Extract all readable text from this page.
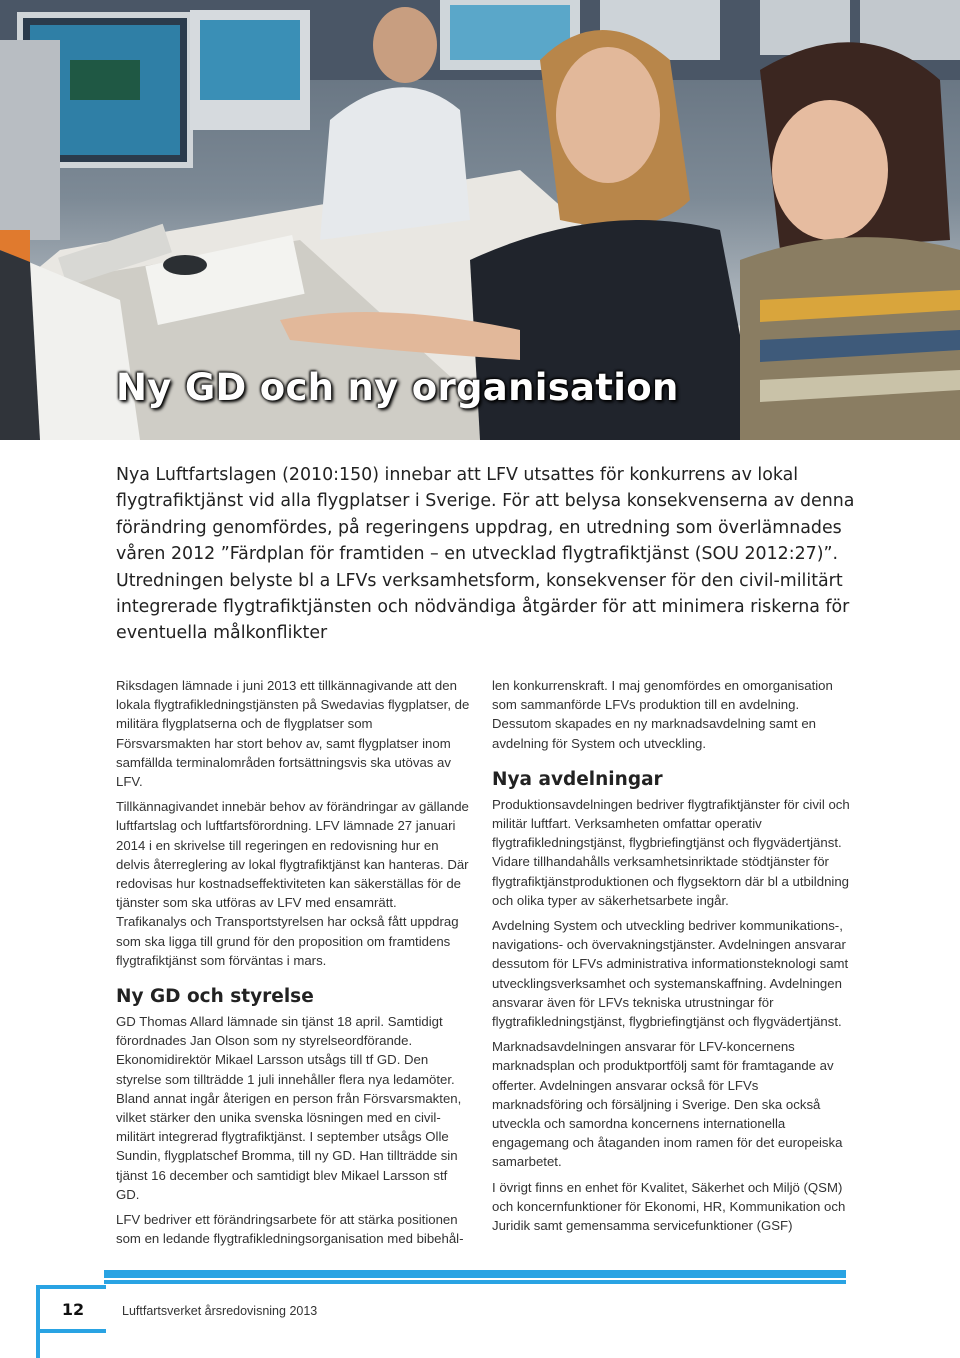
Ny GD och ny organisation

Nya Luftfartslagen (2010:150) innebar att LFV utsattes för konkurrens av lokal flygtrafiktjänst vid alla flygplatser i Sverige. För att belysa konsekvenserna av denna förändring genomfördes, på regeringens uppdrag, en utredning som överlämnades våren 2012 ”Färdplan för framtiden – en utvecklad flygtrafiktjänst (SOU 2012:27)”. Utredningen belyste bl a LFVs verksamhetsform, konsekvenser för den civil-militärt integrerade flygtrafiktjänsten och nödvändiga åtgärder för att minimera riskerna för eventuella målkonflikter

Riksdagen lämnade i juni 2013 ett tillkännagivande att den lokala flygtrafikledningstjänsten på Swedavias flygplatser, de militära flygplatserna och de flygplatser som Försvarsmakten har stort behov av, samt flygplatser inom samfällda terminalområden fortsättningsvis ska utövas av LFV.

Tillkännagivandet innebär behov av förändringar av gällande luftfartslag och luftfartsförordning. LFV lämnade 27 januari 2014 i en skrivelse till regeringen en redovisning hur en delvis återreglering av lokal flygtrafiktjänst kan hanteras. Där redovisas hur kostnadseffektiviteten kan säkerställas för de tjänster som ska utföras av LFV med ensamrätt. Trafikanalys och Transportstyrelsen har också fått uppdrag som ska ligga till grund för den proposition om framtidens flygtrafiktjänst som förväntas i mars.

Ny GD och styrelse

GD Thomas Allard lämnade sin tjänst 18 april. Samtidigt förordnades Jan Olson som ny styrelseordförande. Ekonomidirektör Mikael Larsson utsågs till tf GD. Den styrelse som tillträdde 1 juli innehåller flera nya ledamöter. Bland annat ingår återigen en person från Försvarsmakten, vilket stärker den unika svenska lösningen med en civil-militärt integrerad flygtrafiktjänst. I september utsågs Olle Sundin, flygplatschef Bromma, till ny GD. Han tillträdde sin tjänst 16 december och samtidigt blev Mikael Larsson stf GD.

LFV bedriver ett förändringsarbete för att stärka positionen som en ledande flygtrafikledningsorganisation med bibehål-

len konkurrenskraft. I maj genomfördes en omorganisation som sammanförde LFVs produktion till en avdelning. Dessutom skapades en ny marknadsavdelning samt en avdelning för System och utveckling.

Nya avdelningar

Produktionsavdelningen bedriver flygtrafiktjänster för civil och militär luftfart. Verksamheten omfattar operativ flygtrafikledningstjänst, flygbriefingtjänst och flygvädertjänst. Vidare tillhandahålls verksamhetsinriktade stödtjänster för flygtrafiktjänstproduktionen och flygsektorn där bl a utbildning och olika typer av säkerhetsarbete ingår.

Avdelning System och utveckling bedriver kommunikations-, navigations- och övervakningstjänster. Avdelningen ansvarar dessutom för LFVs administrativa informationsteknologi samt utvecklingsverksamhet och systemanskaffning. Avdelningen ansvarar även för LFVs tekniska utrustningar för flygtrafikledningstjänst, flygbriefingtjänst och flygvädertjänst.

Marknadsavdelningen ansvarar för LFV-koncernens marknadsplan och produktportfölj samt för framtagande av offerter. Avdelningen ansvarar också för LFVs marknadsföring och försäljning i Sverige. Den ska också utveckla och samordna koncernens internationella engagemang och åtaganden inom ramen för det europeiska samarbetet.

I övrigt finns en enhet för Kvalitet, Säkerhet och Miljö (QSM) och koncernfunktioner för Ekonomi, HR, Kommunikation och Juridik samt gemensamma servicefunktioner (GSF)

12	Luftfartsverket årsredovisning 2013
